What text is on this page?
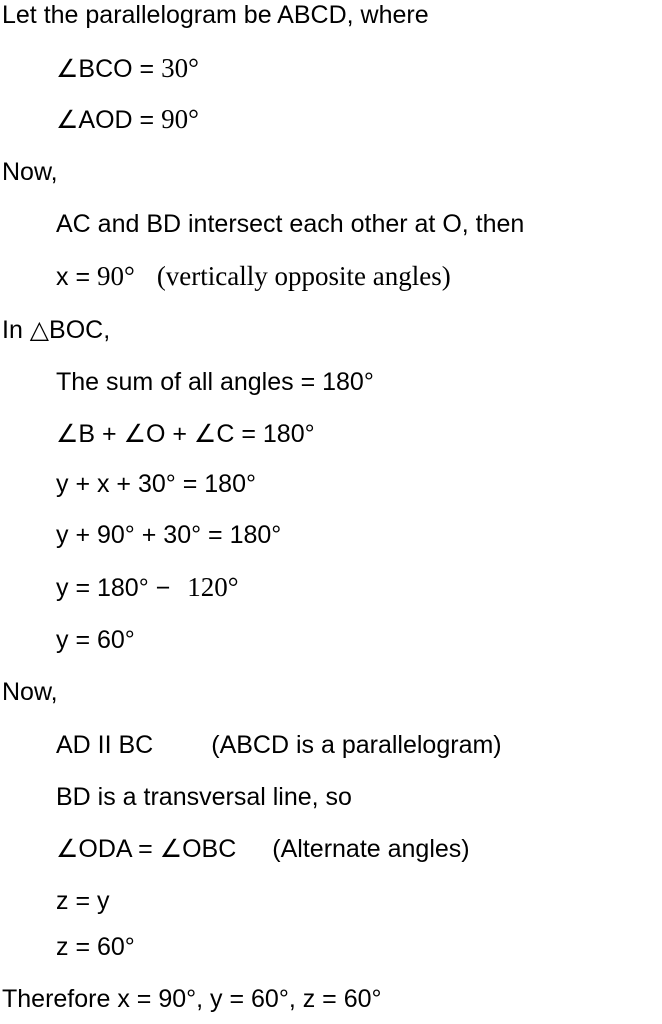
Let the parallelogram be ABCD, where
∠BCO = 30°
∠AOD = 90°
Now,
AC and BD intersect each other at O, then
x = 90° (vertically opposite angles)
In △BOC,
The sum of all angles = 180°
∠B + ∠O + ∠C = 180°
y + x + 30° = 180°
y + 90° + 30° = 180°
y = 180° − 120°
y = 60°
Now,
AD II BC (ABCD is a parallelogram)
BD is a transversal line, so
∠ODA = ∠OBC (Alternate angles)
z = y
z = 60°
Therefore x = 90°, y = 60°, z = 60°
